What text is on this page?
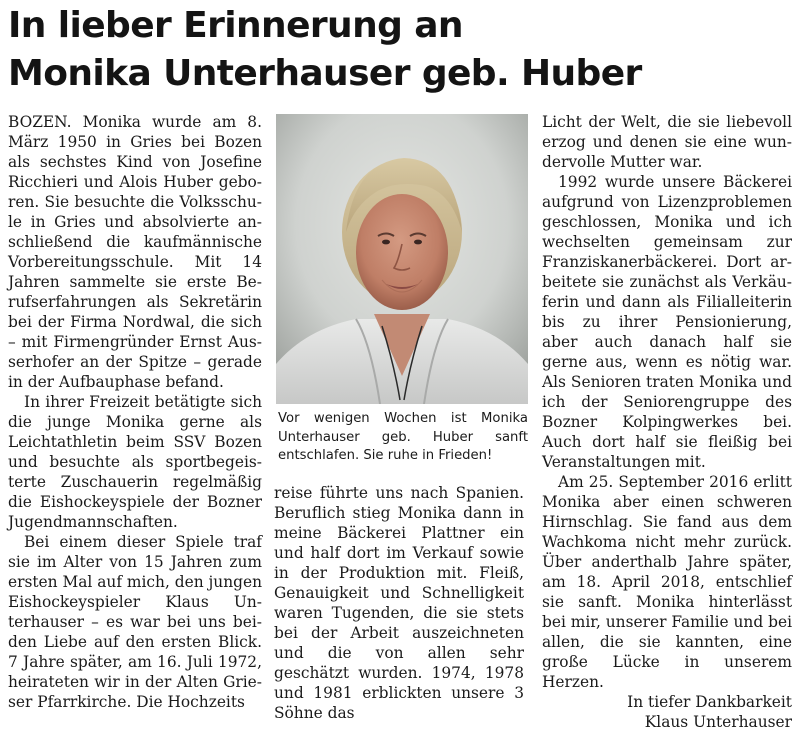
In lieber Erinnerung an
Monika Unterhauser geb. Huber

BOZEN. Monika wurde am 8. März 1950 in Gries bei Bozen als sechstes Kind von Josefine Ricchieri und Alois Huber geboren. Sie besuchte die Volksschule in Gries und absolvierte anschließend die kaufmännische Vorbereitungsschule. Mit 14 Jahren sammelte sie erste Berufserfahrungen als Sekretärin bei der Firma Nordwal, die sich – mit Firmengründer Ernst Ausserhofer an der Spitze – gerade in der Aufbauphase befand.

In ihrer Freizeit betätigte sich die junge Monika gerne als Leichtathletin beim SSV Bozen und besuchte als sportbegeisterte Zuschauerin regelmäßig die Eishockeyspiele der Bozner Jugendmannschaften.

Bei einem dieser Spiele traf sie im Alter von 15 Jahren zum ersten Mal auf mich, den jungen Eishockeyspieler Klaus Unterhauser – es war bei uns beiden Liebe auf den ersten Blick. 7 Jahre später, am 16. Juli 1972, heirateten wir in der Alten Grieser Pfarrkirche. Die Hochzeits

Vor wenigen Wochen ist Monika Unterhauser geb. Huber sanft entschlafen. Sie ruhe in Frieden!

reise führte uns nach Spanien. Beruflich stieg Monika dann in meine Bäckerei Plattner ein und half dort im Verkauf sowie in der Produktion mit. Fleiß, Genauigkeit und Schnelligkeit waren Tugenden, die sie stets bei der Arbeit auszeichneten und die von allen sehr geschätzt wurden. 1974, 1978 und 1981 erblickten unsere 3 Söhne das

Licht der Welt, die sie liebevoll erzog und denen sie eine wundervolle Mutter war.

1992 wurde unsere Bäckerei aufgrund von Lizenzproblemen geschlossen, Monika und ich wechselten gemeinsam zur Franziskanerbäckerei. Dort arbeitete sie zunächst als Verkäuferin und dann als Filialleiterin bis zu ihrer Pensionierung, aber auch danach half sie gerne aus, wenn es nötig war. Als Senioren traten Monika und ich der Seniorengruppe des Bozner Kolpingwerkes bei. Auch dort half sie fleißig bei Veranstaltungen mit.

Am 25. September 2016 erlitt Monika aber einen schweren Hirnschlag. Sie fand aus dem Wachkoma nicht mehr zurück. Über anderthalb Jahre später, am 18. April 2018, entschlief sie sanft. Monika hinterlässt bei mir, unserer Familie und bei allen, die sie kannten, eine große Lücke in unserem Herzen.

In tiefer Dankbarkeit

Klaus Unterhauser
